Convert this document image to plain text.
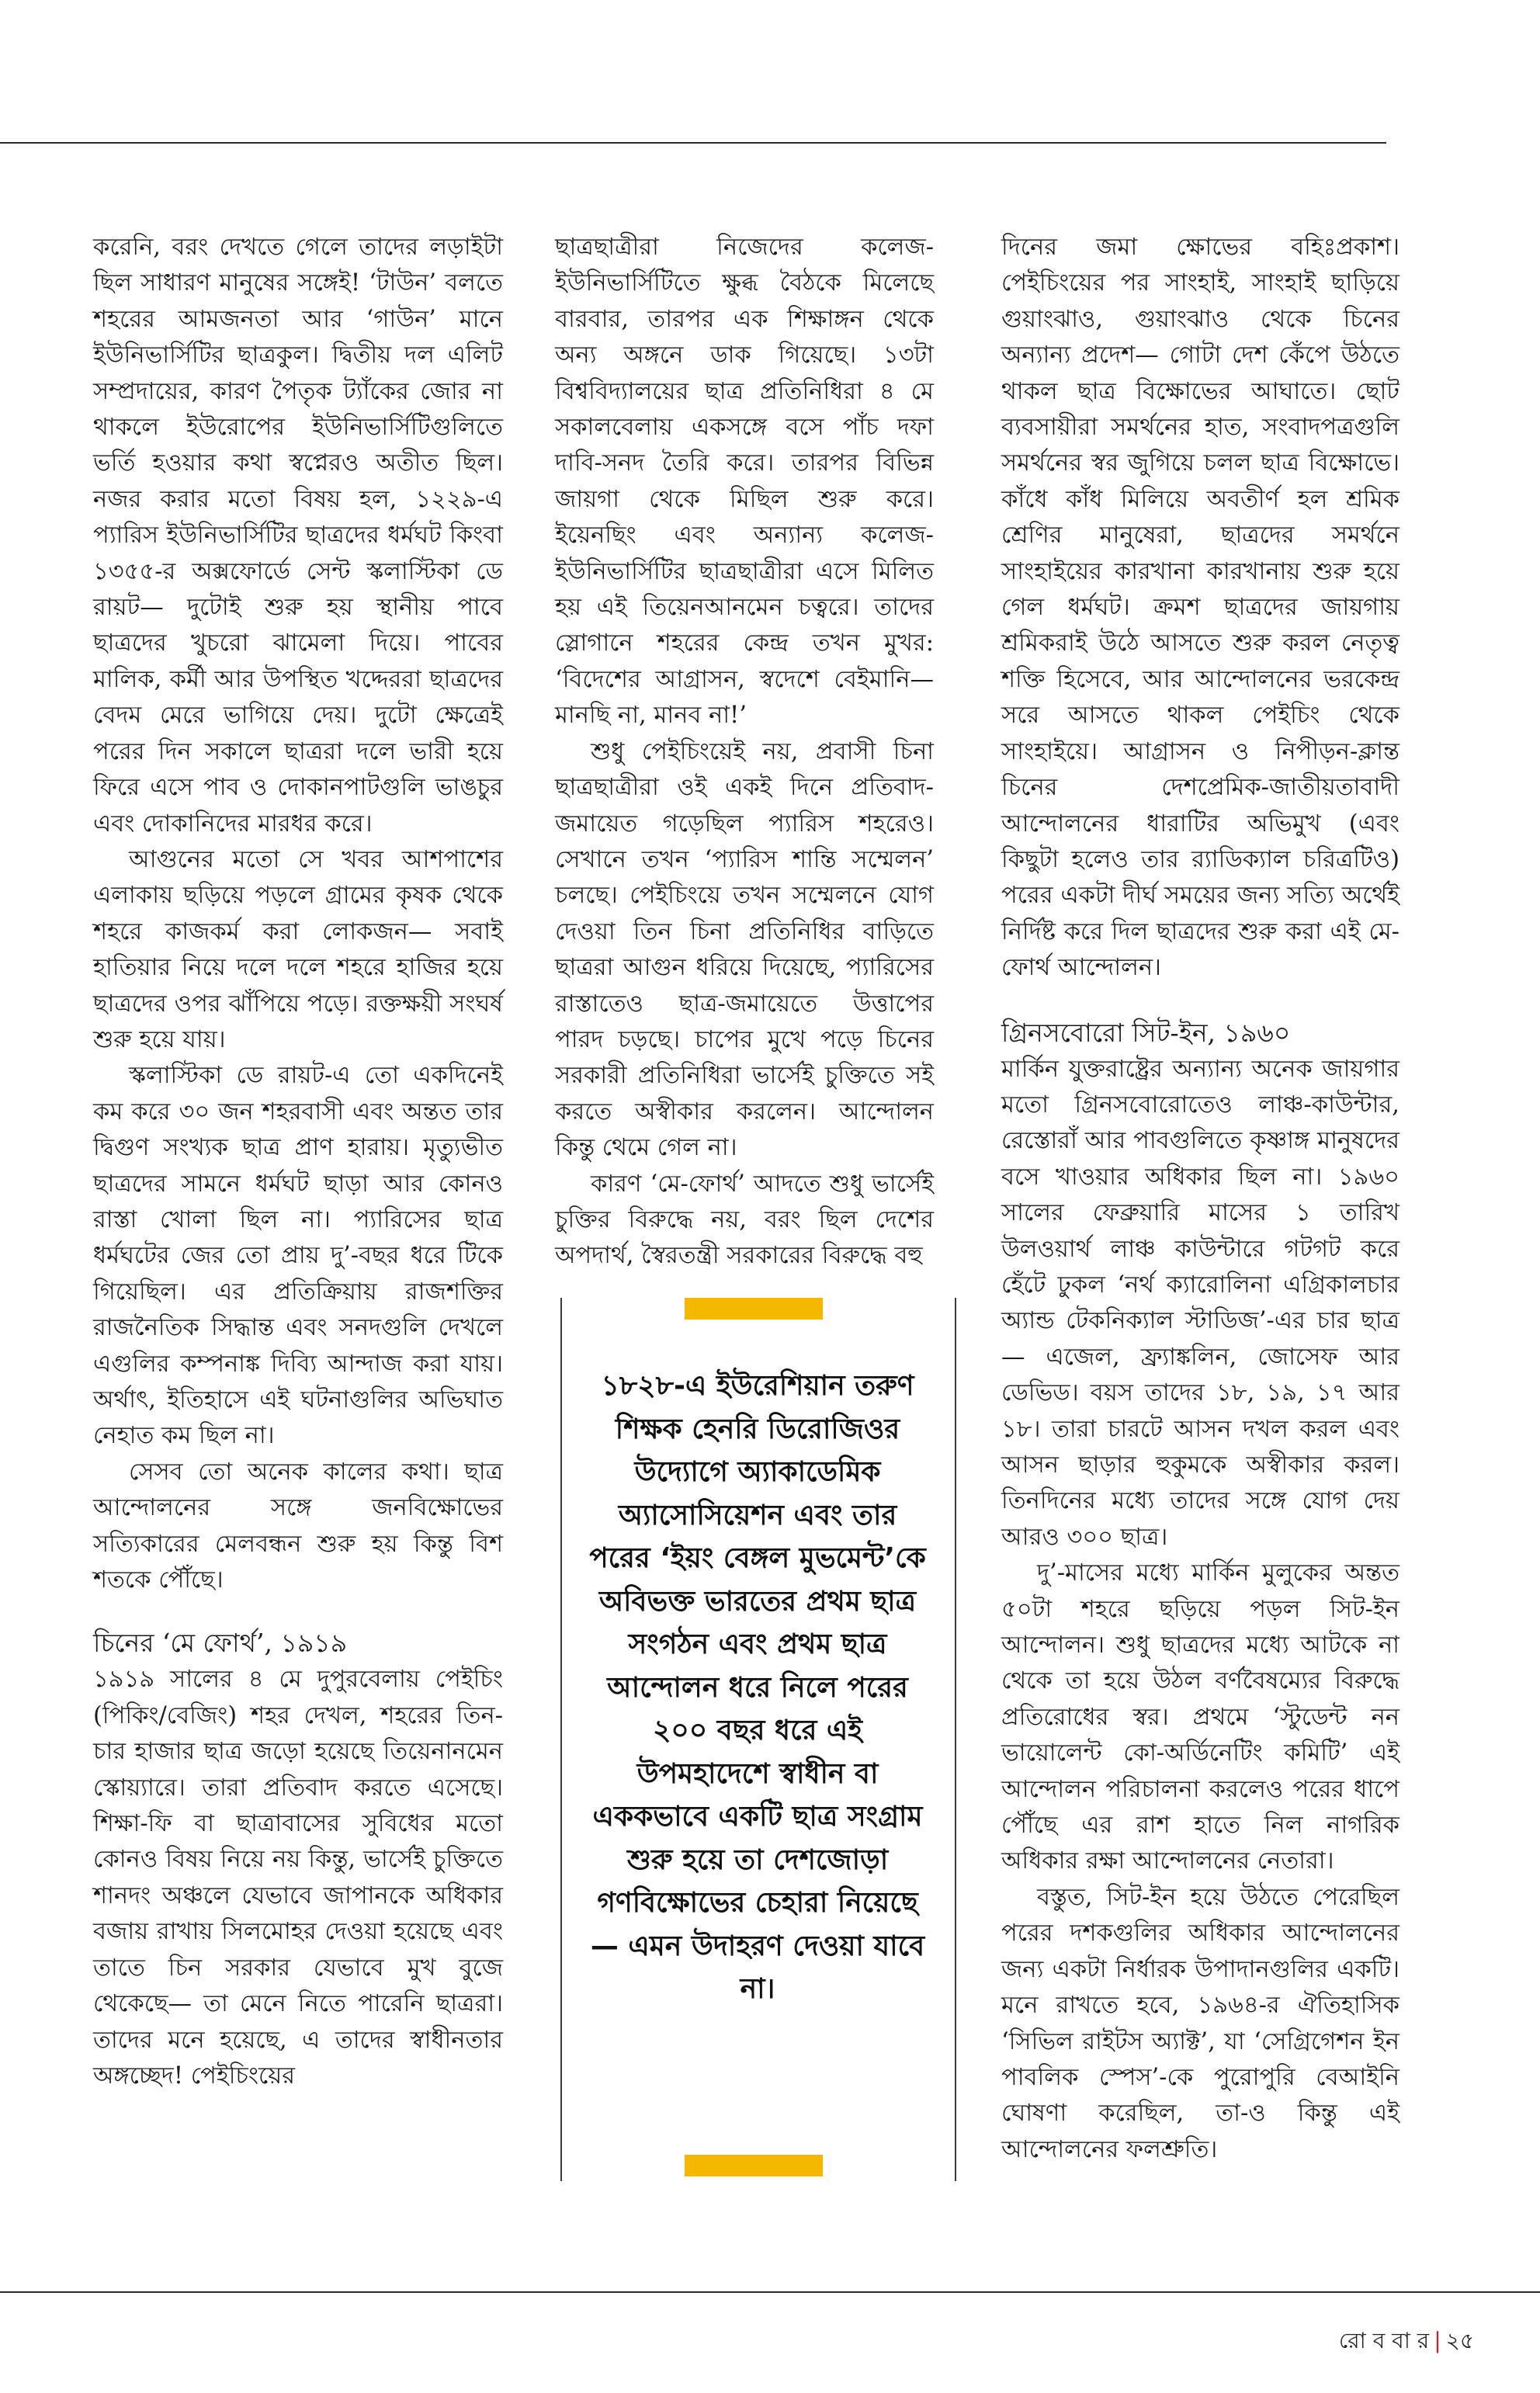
করেনি, বরং দেখতে গেলে তাদের লড়াইটা ছিল সাধারণ মানুষের সঙ্গেই! ‘টাউন’ বলতে শহরের আমজনতা আর ‘গাউন’ মানে ইউনিভার্সিটির ছাত্রকুল। দ্বিতীয় দল এলিট সম্প্রদায়ের, কারণ পৈতৃক ট্যাঁকের জোর না থাকলে ইউরোপের ইউনিভার্সিটিগুলিতে ভর্তি হওয়ার কথা স্বপ্নেরও অতীত ছিল। নজর করার মতো বিষয় হল, ১২২৯-এ প্যারিস ইউনিভার্সিটির ছাত্রদের ধর্মঘট কিংবা ১৩৫৫-র অক্সফোর্ডে সেন্ট স্কলাস্টিকা ডে রায়ট— দুটোই শুরু হয় স্থানীয় পাবে ছাত্রদের খুচরো ঝামেলা দিয়ে। পাবের মালিক, কর্মী আর উপস্থিত খদ্দেররা ছাত্রদের বেদম মেরে ভাগিয়ে দেয়। দুটো ক্ষেত্রেই পরের দিন সকালে ছাত্ররা দলে ভারী হয়ে ফিরে এসে পাব ও দোকানপাটগুলি ভাঙচুর এবং দোকানিদের মারধর করে।

আগুনের মতো সে খবর আশপাশের এলাকায় ছড়িয়ে পড়লে গ্রামের কৃষক থেকে শহরে কাজকর্ম করা লোকজন— সবাই হাতিয়ার নিয়ে দলে দলে শহরে হাজির হয়ে ছাত্রদের ওপর ঝাঁপিয়ে পড়ে। রক্তক্ষয়ী সংঘর্ষ শুরু হয়ে যায়।

স্কলাস্টিকা ডে রায়ট-এ তো একদিনেই কম করে ৩০ জন শহরবাসী এবং অন্তত তার দ্বিগুণ সংখ্যক ছাত্র প্রাণ হারায়। মৃত্যুভীত ছাত্রদের সামনে ধর্মঘট ছাড়া আর কোনও রাস্তা খোলা ছিল না। প্যারিসের ছাত্র ধর্মঘটের জের তো প্রায় দু’-বছর ধরে টিকে গিয়েছিল। এর প্রতিক্রিয়ায় রাজশক্তির রাজনৈতিক সিদ্ধান্ত এবং সনদগুলি দেখলে এগুলির কম্পনাঙ্ক দিব্যি আন্দাজ করা যায়। অর্থাৎ, ইতিহাসে এই ঘটনাগুলির অভিঘাত নেহাত কম ছিল না।

সেসব তো অনেক কালের কথা। ছাত্র আন্দোলনের সঙ্গে জনবিক্ষোভের সত্যিকারের মেলবন্ধন শুরু হয় কিন্তু বিশ শতকে পৌঁছে।

চিনের ‘মে ফোর্থ’, ১৯১৯

১৯১৯ সালের ৪ মে দুপুরবেলায় পেইচিং (পিকিং/বেজিং) শহর দেখল, শহরের তিন-চার হাজার ছাত্র জড়ো হয়েছে তিয়েনানমেন স্কোয়্যারে। তারা প্রতিবাদ করতে এসেছে। শিক্ষা-ফি বা ছাত্রাবাসের সুবিধের মতো কোনও বিষয় নিয়ে নয় কিন্তু, ভার্সেই চুক্তিতে শানদং অঞ্চলে যেভাবে জাপানকে অধিকার বজায় রাখায় সিলমোহর দেওয়া হয়েছে এবং তাতে চিন সরকার যেভাবে মুখ বুজে থেকেছে— তা মেনে নিতে পারেনি ছাত্ররা। তাদের মনে হয়েছে, এ তাদের স্বাধীনতার অঙ্গচ্ছেদ! পেইচিংয়ের

ছাত্রছাত্রীরা নিজেদের কলেজ-ইউনিভার্সিটিতে ক্ষুব্ধ বৈঠকে মিলেছে বারবার, তারপর এক শিক্ষাঙ্গন থেকে অন্য অঙ্গনে ডাক গিয়েছে। ১৩টা বিশ্ববিদ্যালয়ের ছাত্র প্রতিনিধিরা ৪ মে সকালবেলায় একসঙ্গে বসে পাঁচ দফা দাবি-সনদ তৈরি করে। তারপর বিভিন্ন জায়গা থেকে মিছিল শুরু করে। ইয়েনছিং এবং অন্যান্য কলেজ-ইউনিভার্সিটির ছাত্রছাত্রীরা এসে মিলিত হয় এই তিয়েনআনমেন চত্বরে। তাদের স্লোগানে শহরের কেন্দ্র তখন মুখর: ‘বিদেশের আগ্রাসন, স্বদেশে বেইমানি— মানছি না, মানব না!’

শুধু পেইচিংয়েই নয়, প্রবাসী চিনা ছাত্রছাত্রীরা ওই একই দিনে প্রতিবাদ-জমায়েত গড়েছিল প্যারিস শহরেও। সেখানে তখন ‘প্যারিস শান্তি সম্মেলন’ চলছে। পেইচিংয়ে তখন সম্মেলনে যোগ দেওয়া তিন চিনা প্রতিনিধির বাড়িতে ছাত্ররা আগুন ধরিয়ে দিয়েছে, প্যারিসের রাস্তাতেও ছাত্র-জমায়েতে উত্তাপের পারদ চড়ছে। চাপের মুখে পড়ে চিনের সরকারী প্রতিনিধিরা ভার্সেই চুক্তিতে সই করতে অস্বীকার করলেন। আন্দোলন কিন্তু থেমে গেল না।

কারণ ‘মে-ফোর্থ’ আদতে শুধু ভার্সেই চুক্তির বিরুদ্ধে নয়, বরং ছিল দেশের অপদার্থ, স্বৈরতন্ত্রী সরকারের বিরুদ্ধে বহু

১৮২৮-এ ইউরেশিয়ান তরুণ শিক্ষক হেনরি ডিরোজিওর উদ্যোগে অ্যাকাডেমিক অ্যাসোসিয়েশন এবং তার পরের ‘ইয়ং বেঙ্গল মুভমেন্ট’কে অবিভক্ত ভারতের প্রথম ছাত্র সংগঠন এবং প্রথম ছাত্র আন্দোলন ধরে নিলে পরের ২০০ বছর ধরে এই উপমহাদেশে স্বাধীন বা এককভাবে একটি ছাত্র সংগ্রাম শুরু হয়ে তা দেশজোড়া গণবিক্ষোভের চেহারা নিয়েছে— এমন উদাহরণ দেওয়া যাবে না।

দিনের জমা ক্ষোভের বহিঃপ্রকাশ। পেইচিংয়ের পর সাংহাই, সাংহাই ছাড়িয়ে গুয়াংঝাও, গুয়াংঝাও থেকে চিনের অন্যান্য প্রদেশ— গোটা দেশ কেঁপে উঠতে থাকল ছাত্র বিক্ষোভের আঘাতে। ছোট ব্যবসায়ীরা সমর্থনের হাত, সংবাদপত্রগুলি সমর্থনের স্বর জুগিয়ে চলল ছাত্র বিক্ষোভে। কাঁধে কাঁধ মিলিয়ে অবতীর্ণ হল শ্রমিক শ্রেণির মানুষেরা, ছাত্রদের সমর্থনে সাংহাইয়ের কারখানা কারখানায় শুরু হয়ে গেল ধর্মঘট। ক্রমশ ছাত্রদের জায়গায় শ্রমিকরাই উঠে আসতে শুরু করল নেতৃত্ব শক্তি হিসেবে, আর আন্দোলনের ভরকেন্দ্র সরে আসতে থাকল পেইচিং থেকে সাংহাইয়ে। আগ্রাসন ও নিপীড়ন-ক্লান্ত চিনের দেশপ্রেমিক-জাতীয়তাবাদী আন্দোলনের ধারাটির অভিমুখ (এবং কিছুটা হলেও তার র‍্যাডিক্যাল চরিত্রটিও) পরের একটা দীর্ঘ সময়ের জন্য সত্যি অর্থেই নির্দিষ্ট করে দিল ছাত্রদের শুরু করা এই মে-ফোর্থ আন্দোলন।

গ্রিনসবোরো সিট-ইন, ১৯৬০

মার্কিন যুক্তরাষ্ট্রের অন্যান্য অনেক জায়গার মতো গ্রিনসবোরোতেও লাঞ্চ-কাউন্টার, রেস্তোরাঁ আর পাবগুলিতে কৃষ্ণাঙ্গ মানুষদের বসে খাওয়ার অধিকার ছিল না। ১৯৬০ সালের ফেব্রুয়ারি মাসের ১ তারিখ উলওয়ার্থ লাঞ্চ কাউন্টারে গটগট করে হেঁটে ঢুকল ‘নর্থ ক্যারোলিনা এগ্রিকালচার অ্যান্ড টেকনিক্যাল স্টাডিজ’-এর চার ছাত্র— এজেল, ফ্র্যাঙ্কলিন, জোসেফ আর ডেভিড। বয়স তাদের ১৮, ১৯, ১৭ আর ১৮। তারা চারটে আসন দখল করল এবং আসন ছাড়ার হুকুমকে অস্বীকার করল। তিনদিনের মধ্যে তাদের সঙ্গে যোগ দেয় আরও ৩০০ ছাত্র।

দু’-মাসের মধ্যে মার্কিন মুলুকের অন্তত ৫০টা শহরে ছড়িয়ে পড়ল সিট-ইন আন্দোলন। শুধু ছাত্রদের মধ্যে আটকে না থেকে তা হয়ে উঠল বর্ণবৈষম্যের বিরুদ্ধে প্রতিরোধের স্বর। প্রথমে ‘স্টুডেন্ট নন ভায়োলেন্ট কো-অর্ডিনেটিং কমিটি’ এই আন্দোলন পরিচালনা করলেও পরের ধাপে পৌঁছে এর রাশ হাতে নিল নাগরিক অধিকার রক্ষা আন্দোলনের নেতারা।

বস্তুত, সিট-ইন হয়ে উঠতে পেরেছিল পরের দশকগুলির অধিকার আন্দোলনের জন্য একটা নির্ধারক উপাদানগুলির একটি। মনে রাখতে হবে, ১৯৬৪-র ঐতিহাসিক ‘সিভিল রাইটস অ্যাক্ট’, যা ‘সেগ্রিগেশন ইন পাবলিক স্পেস’-কে পুরোপুরি বেআইনি ঘোষণা করেছিল, তা-ও কিন্তু এই আন্দোলনের ফলশ্রুতি।

রো ব বা র | ২৫
